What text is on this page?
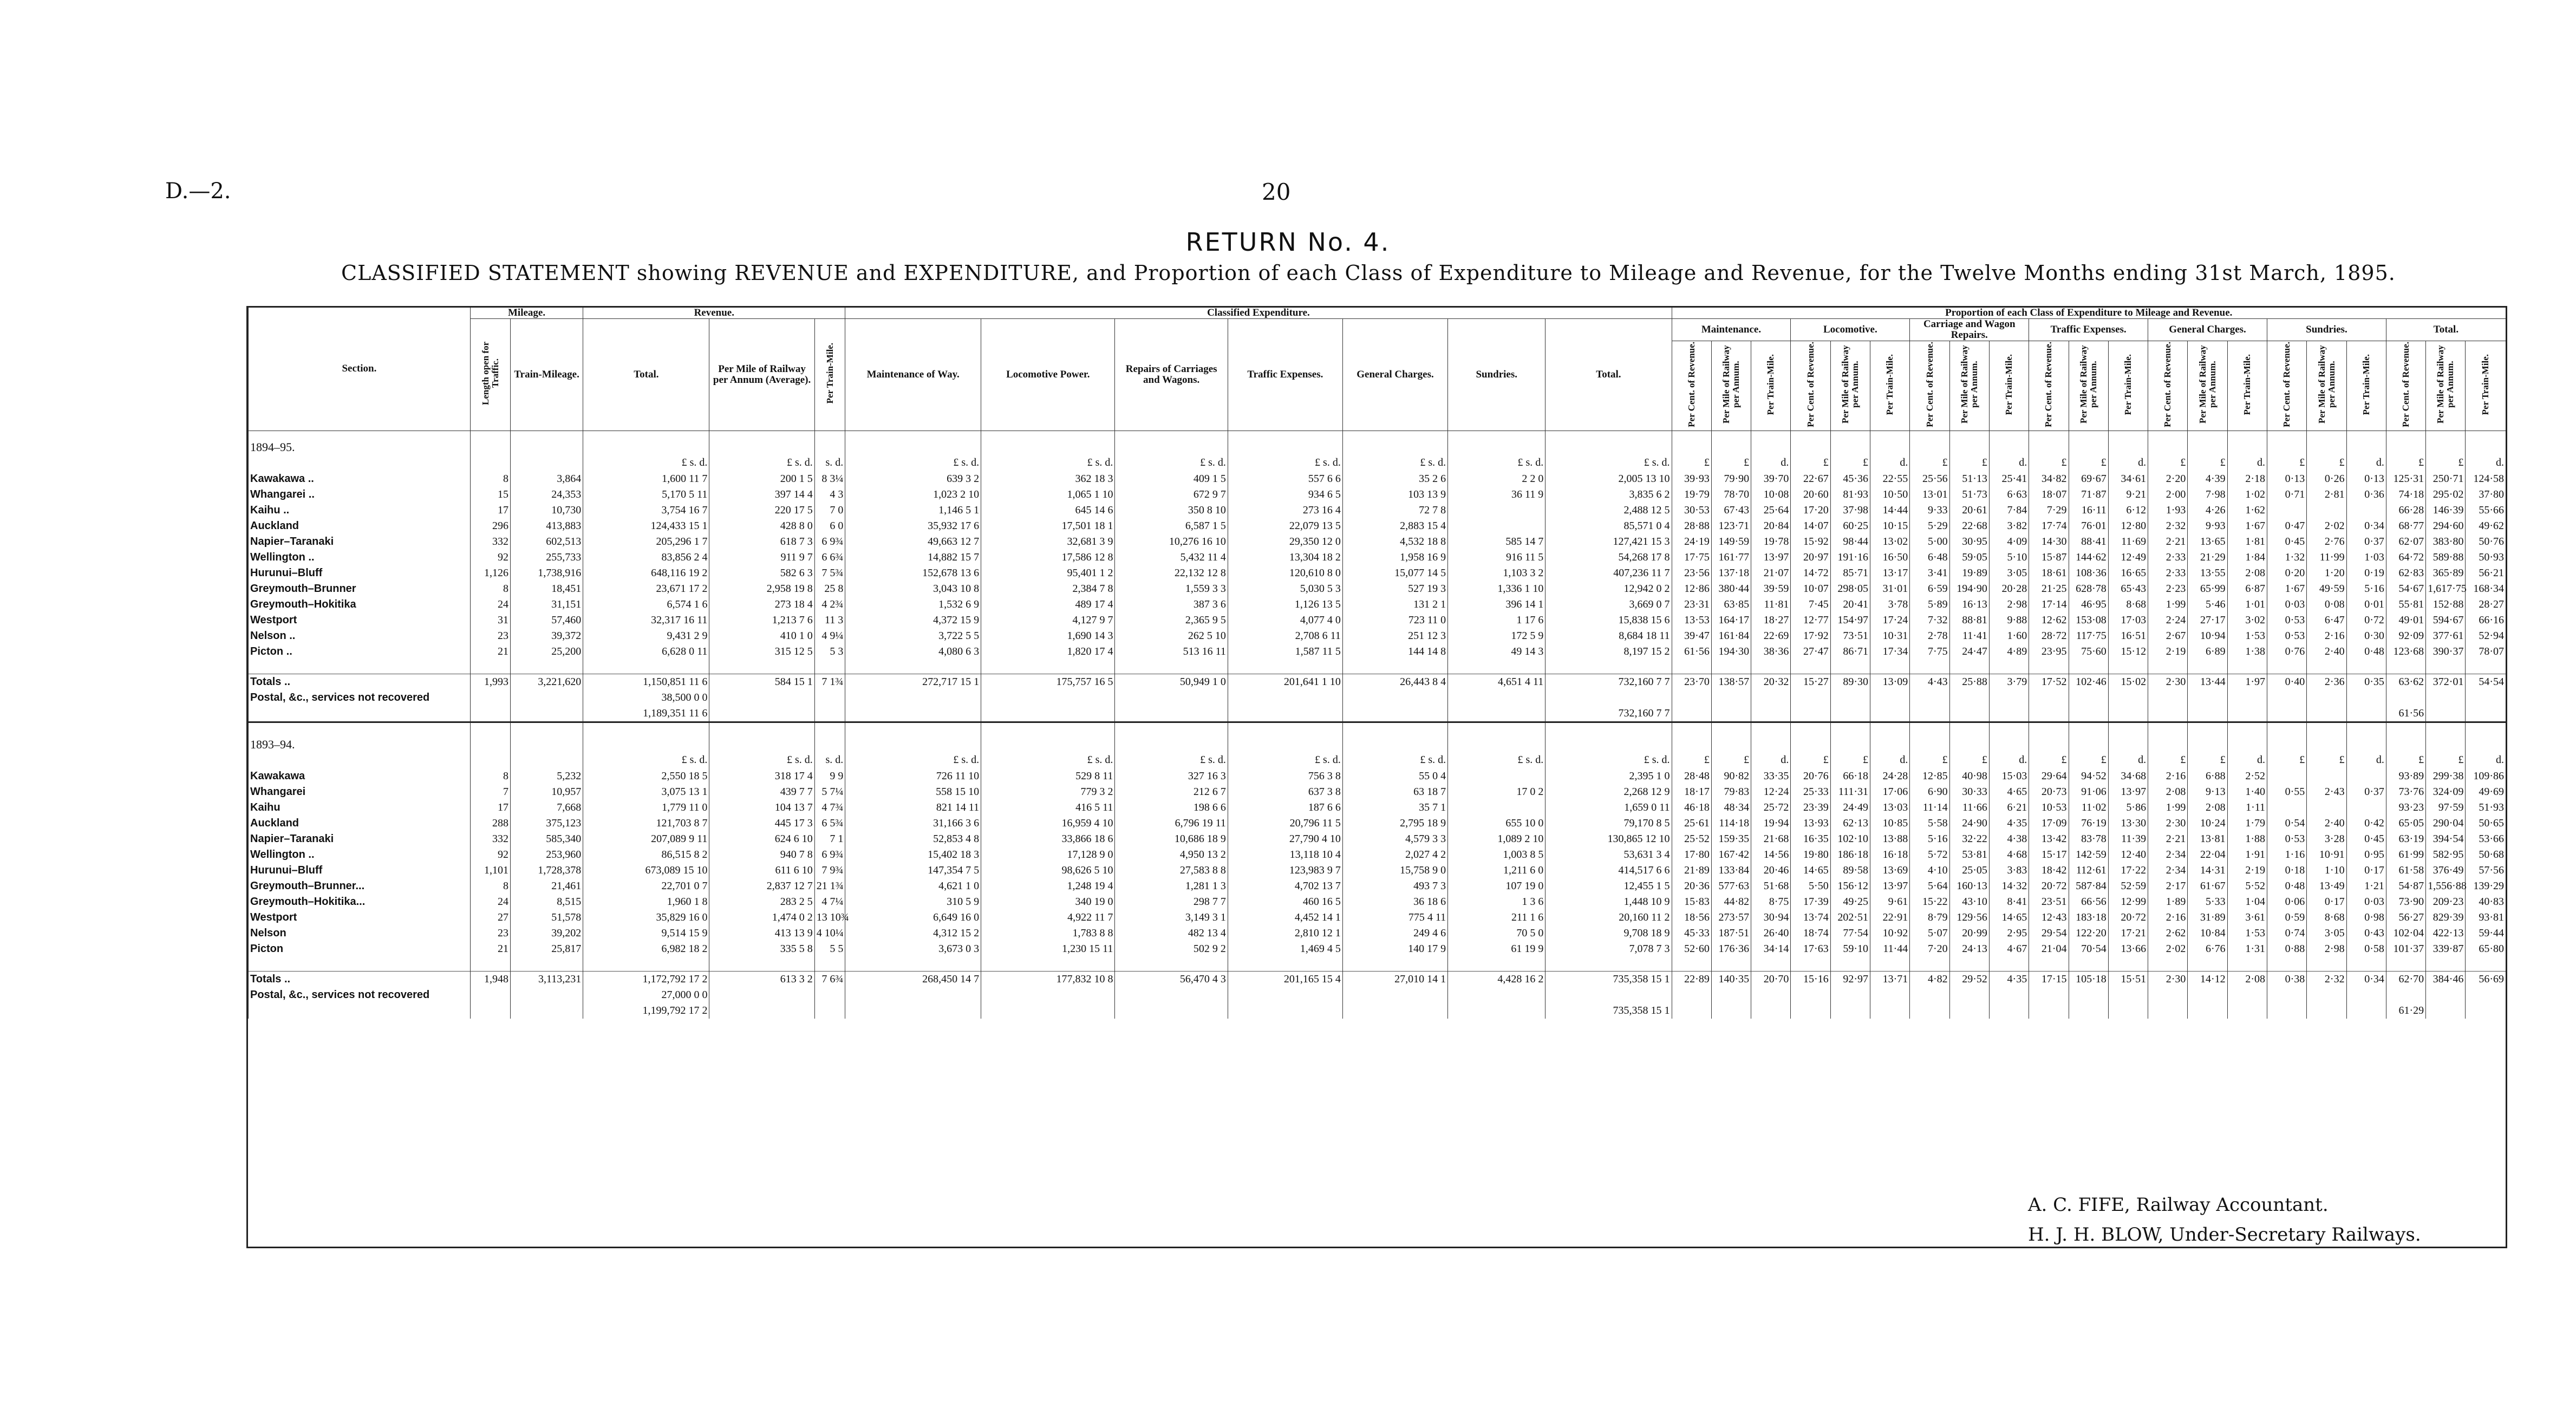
D.—2.	20
RETURN No. 4.
CLASSIFIED STATEMENT showing REVENUE and EXPENDITURE, and Proportion of each Class of Expenditure to Mileage and Revenue, for the Twelve Months ending 31st March, 1895.
Section.	Mileage.		Revenue.			Classified Expenditure.							Proportion of each Class of Expenditure to Mileage and Revenue.																				
	Length open for Traffic.	Train-Mileage.	Total.	Per Mile of Railway per Annum (Average).	Per Train-Mile.	Maintenance of Way.	Locomotive Power.	Repairs of Carriages and Wagons.	Traffic Expenses.	General Charges.	Sundries.	Total.	Maintenance.			Locomotive.			Carriage and Wagon Repairs.			Traffic Expenses.			General Charges.			Sundries.			Total.		
													Per Cent. of Revenue.	Per Mile of Railway per Annum.	Per Train-Mile.	Per Cent. of Revenue.	Per Mile of Railway per Annum.	Per Train-Mile.	Per Cent. of Revenue.	Per Mile of Railway per Annum.	Per Train-Mile.	Per Cent. of Revenue.	Per Mile of Railway per Annum.	Per Train-Mile.	Per Cent. of Revenue.	Per Mile of Railway per Annum.	Per Train-Mile.	Per Cent. of Revenue.	Per Mile of Railway per Annum.	Per Train-Mile.	Per Cent. of Revenue.	Per Mile of Railway per Annum.	Per Train-Mile.
1894–95.																																	
			£ s. d.	£ s. d.	s. d.	£ s. d.	£ s. d.	£ s. d.	£ s. d.	£ s. d.	£ s. d.	£ s. d.	£	£	d.	£	£	d.	£	£	d.	£	£	d.	£	£	d.	£	£	d.	£	£	d.
Kawakawa ..	8	3,864	1,600 11 7	200 1 5	8 3¼	639 3 2	362 18 3	409 1 5	557 6 6	35 2 6	2 2 0	2,005 13 10	39·93	79·90	39·70	22·67	45·36	22·55	25·56	51·13	25·41	34·82	69·67	34·61	2·20	4·39	2·18	0·13	0·26	0·13	125·31	250·71	124·58
Whangarei ..	15	24,353	5,170 5 11	397 14 4	4 3	1,023 2 10	1,065 1 10	672 9 7	934 6 5	103 13 9	36 11 9	3,835 6 2	19·79	78·70	10·08	20·60	81·93	10·50	13·01	51·73	6·63	18·07	71·87	9·21	2·00	7·98	1·02	0·71	2·81	0·36	74·18	295·02	37·80
Kaihu ..	17	10,730	3,754 16 7	220 17 5	7 0	1,146 5 1	645 14 6	350 8 10	273 16 4	72 7 8		2,488 12 5	30·53	67·43	25·64	17·20	37·98	14·44	9·33	20·61	7·84	7·29	16·11	6·12	1·93	4·26	1·62				66·28	146·39	55·66
Auckland	296	413,883	124,433 15 1	428 8 0	6 0	35,932 17 6	17,501 18 1	6,587 1 5	22,079 13 5	2,883 15 4		85,571 0 4	28·88	123·71	20·84	14·07	60·25	10·15	5·29	22·68	3·82	17·74	76·01	12·80	2·32	9·93	1·67	0·47	2·02	0·34	68·77	294·60	49·62
Napier–Taranaki	332	602,513	205,296 1 7	618 7 3	6 9¾	49,663 12 7	32,681 3 9	10,276 16 10	29,350 12 0	4,532 18 8	585 14 7	127,421 15 3	24·19	149·59	19·78	15·92	98·44	13·02	5·00	30·95	4·09	14·30	88·41	11·69	2·21	13·65	1·81	0·45	2·76	0·37	62·07	383·80	50·76
Wellington ..	92	255,733	83,856 2 4	911 9 7	6 6¾	14,882 15 7	17,586 12 8	5,432 11 4	13,304 18 2	1,958 16 9	916 11 5	54,268 17 8	17·75	161·77	13·97	20·97	191·16	16·50	6·48	59·05	5·10	15·87	144·62	12·49	2·33	21·29	1·84	1·32	11·99	1·03	64·72	589·88	50·93
Hurunui–Bluff	1,126	1,738,916	648,116 19 2	582 6 3	7 5¾	152,678 13 6	95,401 1 2	22,132 12 8	120,610 8 0	15,077 14 5	1,103 3 2	407,236 11 7	23·56	137·18	21·07	14·72	85·71	13·17	3·41	19·89	3·05	18·61	108·36	16·65	2·33	13·55	2·08	0·20	1·20	0·19	62·83	365·89	56·21
Greymouth–Brunner	8	18,451	23,671 17 2	2,958 19 8	25 8	3,043 10 8	2,384 7 8	1,559 3 3	5,030 5 3	527 19 3	1,336 1 10	12,942 0 2	12·86	380·44	39·59	10·07	298·05	31·01	6·59	194·90	20·28	21·25	628·78	65·43	2·23	65·99	6·87	1·67	49·59	5·16	54·67	1,617·75	168·34
Greymouth–Hokitika	24	31,151	6,574 1 6	273 18 4	4 2¾	1,532 6 9	489 17 4	387 3 6	1,126 13 5	131 2 1	396 14 1	3,669 0 7	23·31	63·85	11·81	7·45	20·41	3·78	5·89	16·13	2·98	17·14	46·95	8·68	1·99	5·46	1·01	0·03	0·08	0·01	55·81	152·88	28·27
Westport	31	57,460	32,317 16 11	1,213 7 6	11 3	4,372 15 9	4,127 9 7	2,365 9 5	4,077 4 0	723 11 0	1 17 6	15,838 15 6	13·53	164·17	18·27	12·77	154·97	17·24	7·32	88·81	9·88	12·62	153·08	17·03	2·24	27·17	3·02	0·53	6·47	0·72	49·01	594·67	66·16
Nelson ..	23	39,372	9,431 2 9	410 1 0	4 9¼	3,722 5 5	1,690 14 3	262 5 10	2,708 6 11	251 12 3	172 5 9	8,684 18 11	39·47	161·84	22·69	17·92	73·51	10·31	2·78	11·41	1·60	28·72	117·75	16·51	2·67	10·94	1·53	0·53	2·16	0·30	92·09	377·61	52·94
Picton ..	21	25,200	6,628 0 11	315 12 5	5 3	4,080 6 3	1,820 17 4	513 16 11	1,587 11 5	144 14 8	49 14 3	8,197 15 2	61·56	194·30	38·36	27·47	86·71	17·34	7·75	24·47	4·89	23·95	75·60	15·12	2·19	6·89	1·38	0·76	2·40	0·48	123·68	390·37	78·07

Totals ..	1,993	3,221,620	1,150,851 11 6	584 15 1	7 1¾	272,717 15 1	175,757 16 5	50,949 1 0	201,641 1 10	26,443 8 4	4,651 4 11	732,160 7 7	23·70	138·57	20·32	15·27	89·30	13·09	4·43	25·88	3·79	17·52	102·46	15·02	2·30	13·44	1·97	0·40	2·36	0·35	63·62	372·01	54·54
Postal, &c., services not recovered			38,500 0 0																														
			1,189,351 11 6									732,160 7 7																			61·56		

1893–94.																																	
			£ s. d.	£ s. d.	s. d.	£ s. d.	£ s. d.	£ s. d.	£ s. d.	£ s. d.	£ s. d.	£ s. d.	£	£	d.	£	£	d.	£	£	d.	£	£	d.	£	£	d.	£	£	d.	£	£	d.
Kawakawa	8	5,232	2,550 18 5	318 17 4	9 9	726 11 10	529 8 11	327 16 3	756 3 8	55 0 4		2,395 1 0	28·48	90·82	33·35	20·76	66·18	24·28	12·85	40·98	15·03	29·64	94·52	34·68	2·16	6·88	2·52				93·89	299·38	109·86
Whangarei	7	10,957	3,075 13 1	439 7 7	5 7¼	558 15 10	779 3 2	212 6 7	637 3 8	63 18 7	17 0 2	2,268 12 9	18·17	79·83	12·24	25·33	111·31	17·06	6·90	30·33	4·65	20·73	91·06	13·97	2·08	9·13	1·40	0·55	2·43	0·37	73·76	324·09	49·69
Kaihu	17	7,668	1,779 11 0	104 13 7	4 7¾	821 14 11	416 5 11	198 6 6	187 6 6	35 7 1		1,659 0 11	46·18	48·34	25·72	23·39	24·49	13·03	11·14	11·66	6·21	10·53	11·02	5·86	1·99	2·08	1·11				93·23	97·59	51·93
Auckland	288	375,123	121,703 8 7	445 17 3	6 5¾	31,166 3 6	16,959 4 10	6,796 19 11	20,796 11 5	2,795 18 9	655 10 0	79,170 8 5	25·61	114·18	19·94	13·93	62·13	10·85	5·58	24·90	4·35	17·09	76·19	13·30	2·30	10·24	1·79	0·54	2·40	0·42	65·05	290·04	50·65
Napier–Taranaki	332	585,340	207,089 9 11	624 6 10	7 1	52,853 4 8	33,866 18 6	10,686 18 9	27,790 4 10	4,579 3 3	1,089 2 10	130,865 12 10	25·52	159·35	21·68	16·35	102·10	13·88	5·16	32·22	4·38	13·42	83·78	11·39	2·21	13·81	1·88	0·53	3·28	0·45	63·19	394·54	53·66
Wellington ..	92	253,960	86,515 8 2	940 7 8	6 9¾	15,402 18 3	17,128 9 0	4,950 13 2	13,118 10 4	2,027 4 2	1,003 8 5	53,631 3 4	17·80	167·42	14·56	19·80	186·18	16·18	5·72	53·81	4·68	15·17	142·59	12·40	2·34	22·04	1·91	1·16	10·91	0·95	61·99	582·95	50·68
Hurunui–Bluff	1,101	1,728,378	673,089 15 10	611 6 10	7 9¾	147,354 7 5	98,626 5 10	27,583 8 8	123,983 9 7	15,758 9 0	1,211 6 0	414,517 6 6	21·89	133·84	20·46	14·65	89·58	13·69	4·10	25·05	3·83	18·42	112·61	17·22	2·34	14·31	2·19	0·18	1·10	0·17	61·58	376·49	57·56
Greymouth–Brunner...	8	21,461	22,701 0 7	2,837 12 7	21 1¾	4,621 1 0	1,248 19 4	1,281 1 3	4,702 13 7	493 7 3	107 19 0	12,455 1 5	20·36	577·63	51·68	5·50	156·12	13·97	5·64	160·13	14·32	20·72	587·84	52·59	2·17	61·67	5·52	0·48	13·49	1·21	54·87	1,556·88	139·29
Greymouth–Hokitika...	24	8,515	1,960 1 8	283 2 5	4 7¼	310 5 9	340 19 0	298 7 7	460 16 5	36 18 6	1 3 6	1,448 10 9	15·83	44·82	8·75	17·39	49·25	9·61	15·22	43·10	8·41	23·51	66·56	12·99	1·89	5·33	1·04	0·06	0·17	0·03	73·90	209·23	40·83
Westport	27	51,578	35,829 16 0	1,474 0 2	13 10¾	6,649 16 0	4,922 11 7	3,149 3 1	4,452 14 1	775 4 11	211 1 6	20,160 11 2	18·56	273·57	30·94	13·74	202·51	22·91	8·79	129·56	14·65	12·43	183·18	20·72	2·16	31·89	3·61	0·59	8·68	0·98	56·27	829·39	93·81
Nelson	23	39,202	9,514 15 9	413 13 9	4 10¼	4,312 15 2	1,783 8 8	482 13 4	2,810 12 1	249 4 6	70 5 0	9,708 18 9	45·33	187·51	26·40	18·74	77·54	10·92	5·07	20·99	2·95	29·54	122·20	17·21	2·62	10·84	1·53	0·74	3·05	0·43	102·04	422·13	59·44
Picton	21	25,817	6,982 18 2	335 5 8	5 5	3,673 0 3	1,230 15 11	502 9 2	1,469 4 5	140 17 9	61 19 9	7,078 7 3	52·60	176·36	34·14	17·63	59·10	11·44	7·20	24·13	4·67	21·04	70·54	13·66	2·02	6·76	1·31	0·88	2·98	0·58	101·37	339·87	65·80

Totals ..	1,948	3,113,231	1,172,792 17 2	613 3 2	7 6¾	268,450 14 7	177,832 10 8	56,470 4 3	201,165 15 4	27,010 14 1	4,428 16 2	735,358 15 1	22·89	140·35	20·70	15·16	92·97	13·71	4·82	29·52	4·35	17·15	105·18	15·51	2·30	14·12	2·08	0·38	2·32	0·34	62·70	384·46	56·69
Postal, &c., services not recovered			27,000 0 0																														
			1,199,792 17 2									735,358 15 1																			61·29		
A. C. FIFE, Railway Accountant.
H. J. H. BLOW, Under-Secretary Railways.
